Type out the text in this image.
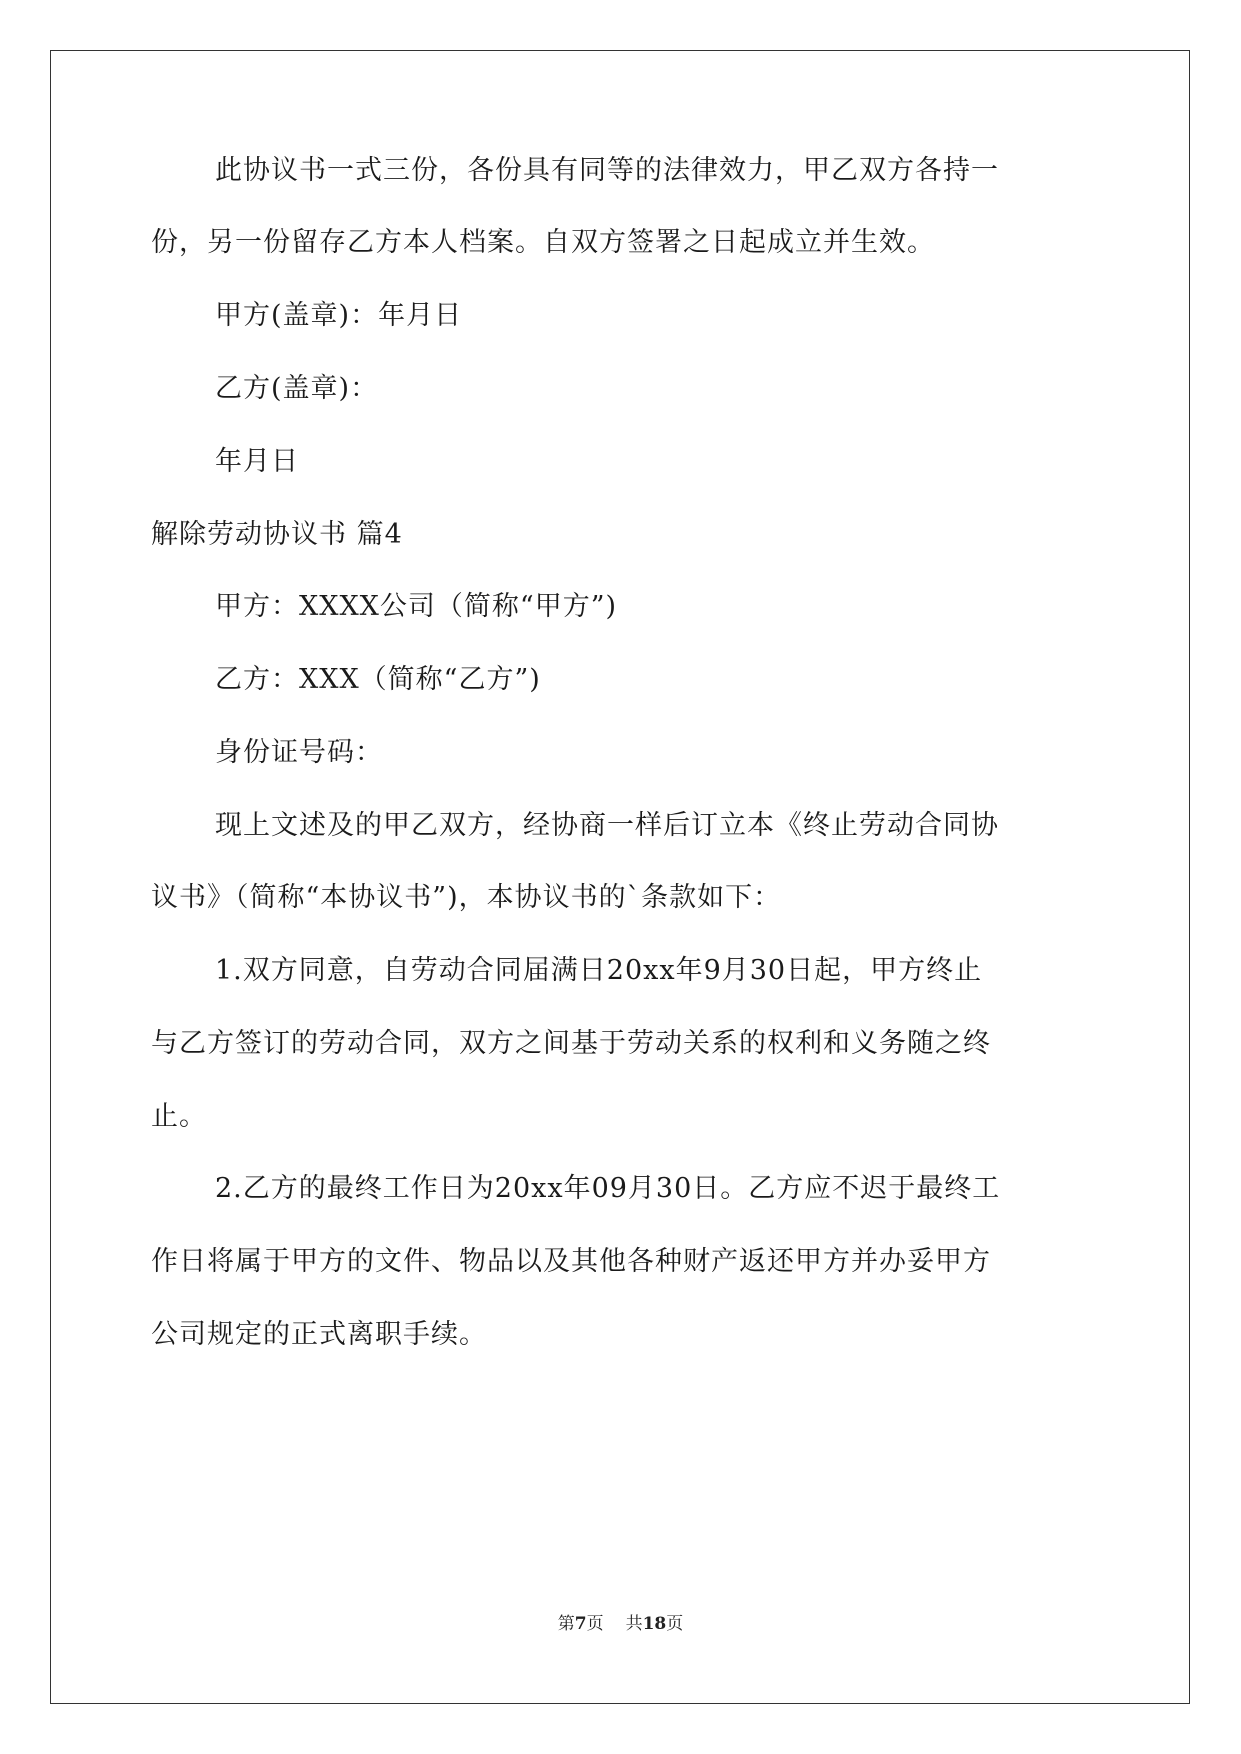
此协议书一式三份，各份具有同等的法律效力，甲乙双方各持一
份，另一份留存乙方本人档案。自双方签署之日起成立并生效。
甲方(盖章)：年月日
乙方(盖章)：
年月日
解除劳动协议书 篇4
甲方：XXXX公司（简称“甲方”)
乙方：XXX（简称“乙方”)
身份证号码：
现上文述及的甲乙双方，经协商一样后订立本《终止劳动合同协
议书》（简称“本协议书”)，本协议书的`条款如下：
1.双方同意，自劳动合同届满日20xx年9月30日起，甲方终止
与乙方签订的劳动合同，双方之间基于劳动关系的权利和义务随之终
止。
2.乙方的最终工作日为20xx年09月30日。乙方应不迟于最终工
作日将属于甲方的文件、物品以及其他各种财产返还甲方并办妥甲方
公司规定的正式离职手续。
第7页 共18页
